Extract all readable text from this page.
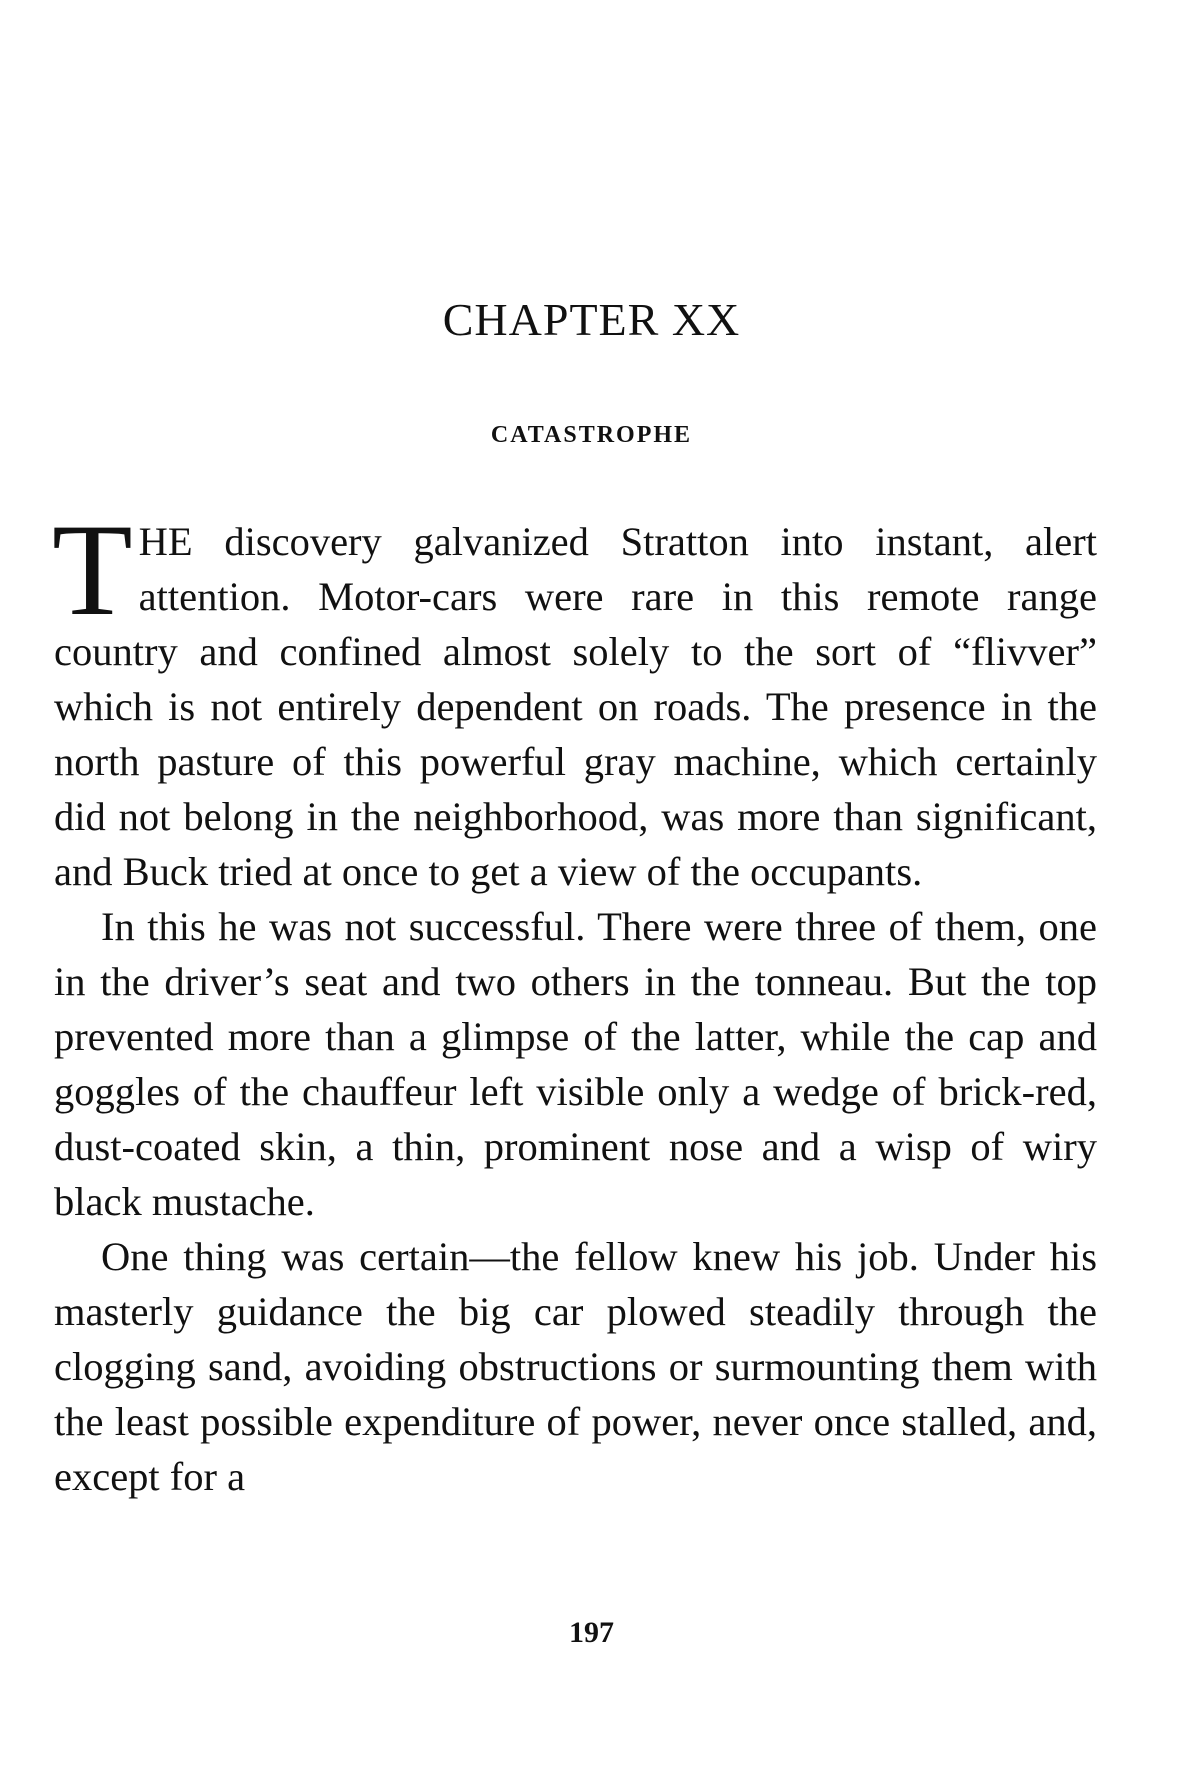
CHAPTER XX
CATASTROPHE

THE discovery galvanized Stratton into instant, alert attention. Motor-cars were rare in this remote range country and confined almost solely to the sort of “flivver” which is not entirely dependent on roads. The presence in the north pasture of this powerful gray machine, which certainly did not belong in the neighborhood, was more than significant, and Buck tried at once to get a view of the occupants.

In this he was not successful. There were three of them, one in the driver’s seat and two others in the tonneau. But the top prevented more than a glimpse of the latter, while the cap and goggles of the chauffeur left visible only a wedge of brick-red, dust-coated skin, a thin, prominent nose and a wisp of wiry black mustache.

One thing was certain—the fellow knew his job. Under his masterly guidance the big car plowed steadily through the clogging sand, avoiding obstructions or surmounting them with the least possible expenditure of power, never once stalled, and, except for a

197
